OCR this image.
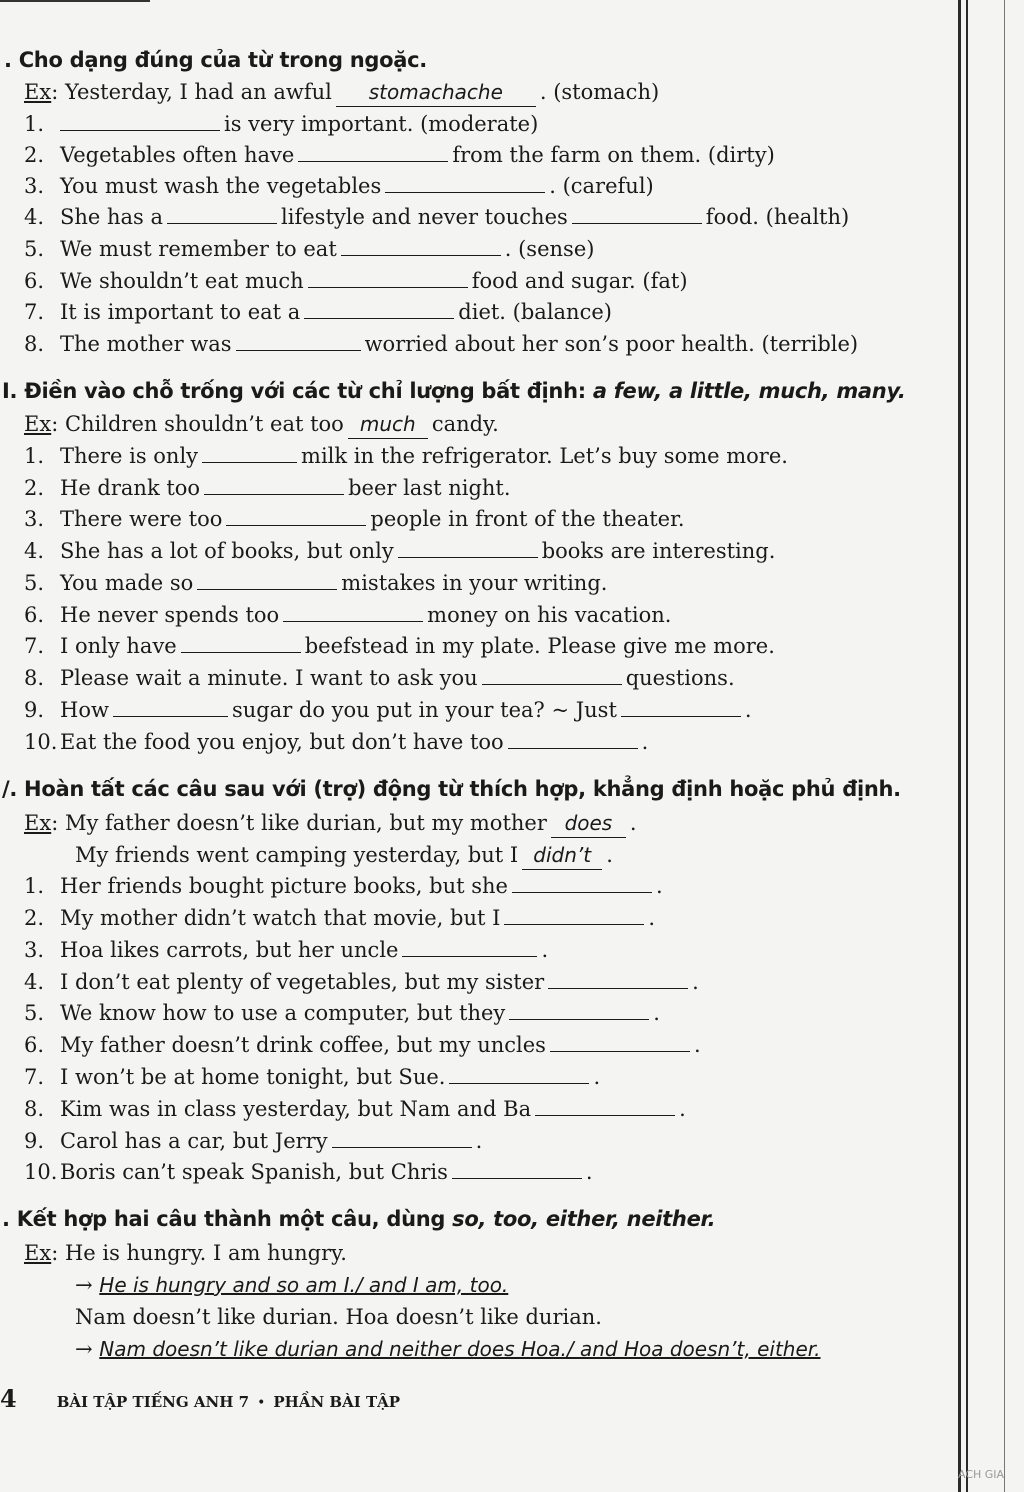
. Cho dạng đúng của từ trong ngoặc.
Ex: Yesterday, I had an awful stomachache . (stomach)
1.	is very important. (moderate)
2. Vegetables often have	from the farm on them. (dirty)
3. You must wash the vegetables	. (careful)
4. She has a	lifestyle and never touches	food. (health)
5. We must remember to eat	. (sense)
6. We shouldn’t eat much	food and sugar. (fat)
7. It is important to eat a	diet. (balance)
8. The mother was	worried about her son’s poor health. (terrible)
I. Điền vào chỗ trống với các từ chỉ lượng bất định: a few, a little, much, many.
Ex: Children shouldn’t eat too much candy.
1. There is only	milk in the refrigerator. Let’s buy some more.
2. He drank too	beer last night.
3. There were too	people in front of the theater.
4. She has a lot of books, but only	books are interesting.
5. You made so	mistakes in your writing.
6. He never spends too	money on his vacation.
7. I only have	beefstead in my plate. Please give me more.
8. Please wait a minute. I want to ask you	questions.
9. How	sugar do you put in your tea? ~ Just	.
10. Eat the food you enjoy, but don’t have too	.
/. Hoàn tất các câu sau với (trợ) động từ thích hợp, khẳng định hoặc phủ định.
Ex: My father doesn’t like durian, but my mother does .
My friends went camping yesterday, but I didn’t .
1. Her friends bought picture books, but she	.
2. My mother didn’t watch that movie, but I	.
3. Hoa likes carrots, but her uncle	.
4. I don’t eat plenty of vegetables, but my sister	.
5. We know how to use a computer, but they	.
6. My father doesn’t drink coffee, but my uncles	.
7. I won’t be at home tonight, but Sue.	.
8. Kim was in class yesterday, but Nam and Ba	.
9. Carol has a car, but Jerry	.
10. Boris can’t speak Spanish, but Chris	.
. Kết hợp hai câu thành một câu, dùng so, too, either, neither.
Ex: He is hungry. I am hungry.
→ He is hungry and so am I./ and I am, too.
Nam doesn’t like durian. Hoa doesn’t like durian.
→ Nam doesn’t like durian and neither does Hoa./ and Hoa doesn’t, either.
4	BÀI TẬP TIẾNG ANH 7 • PHẦN BÀI TẬP
ACH GIA
